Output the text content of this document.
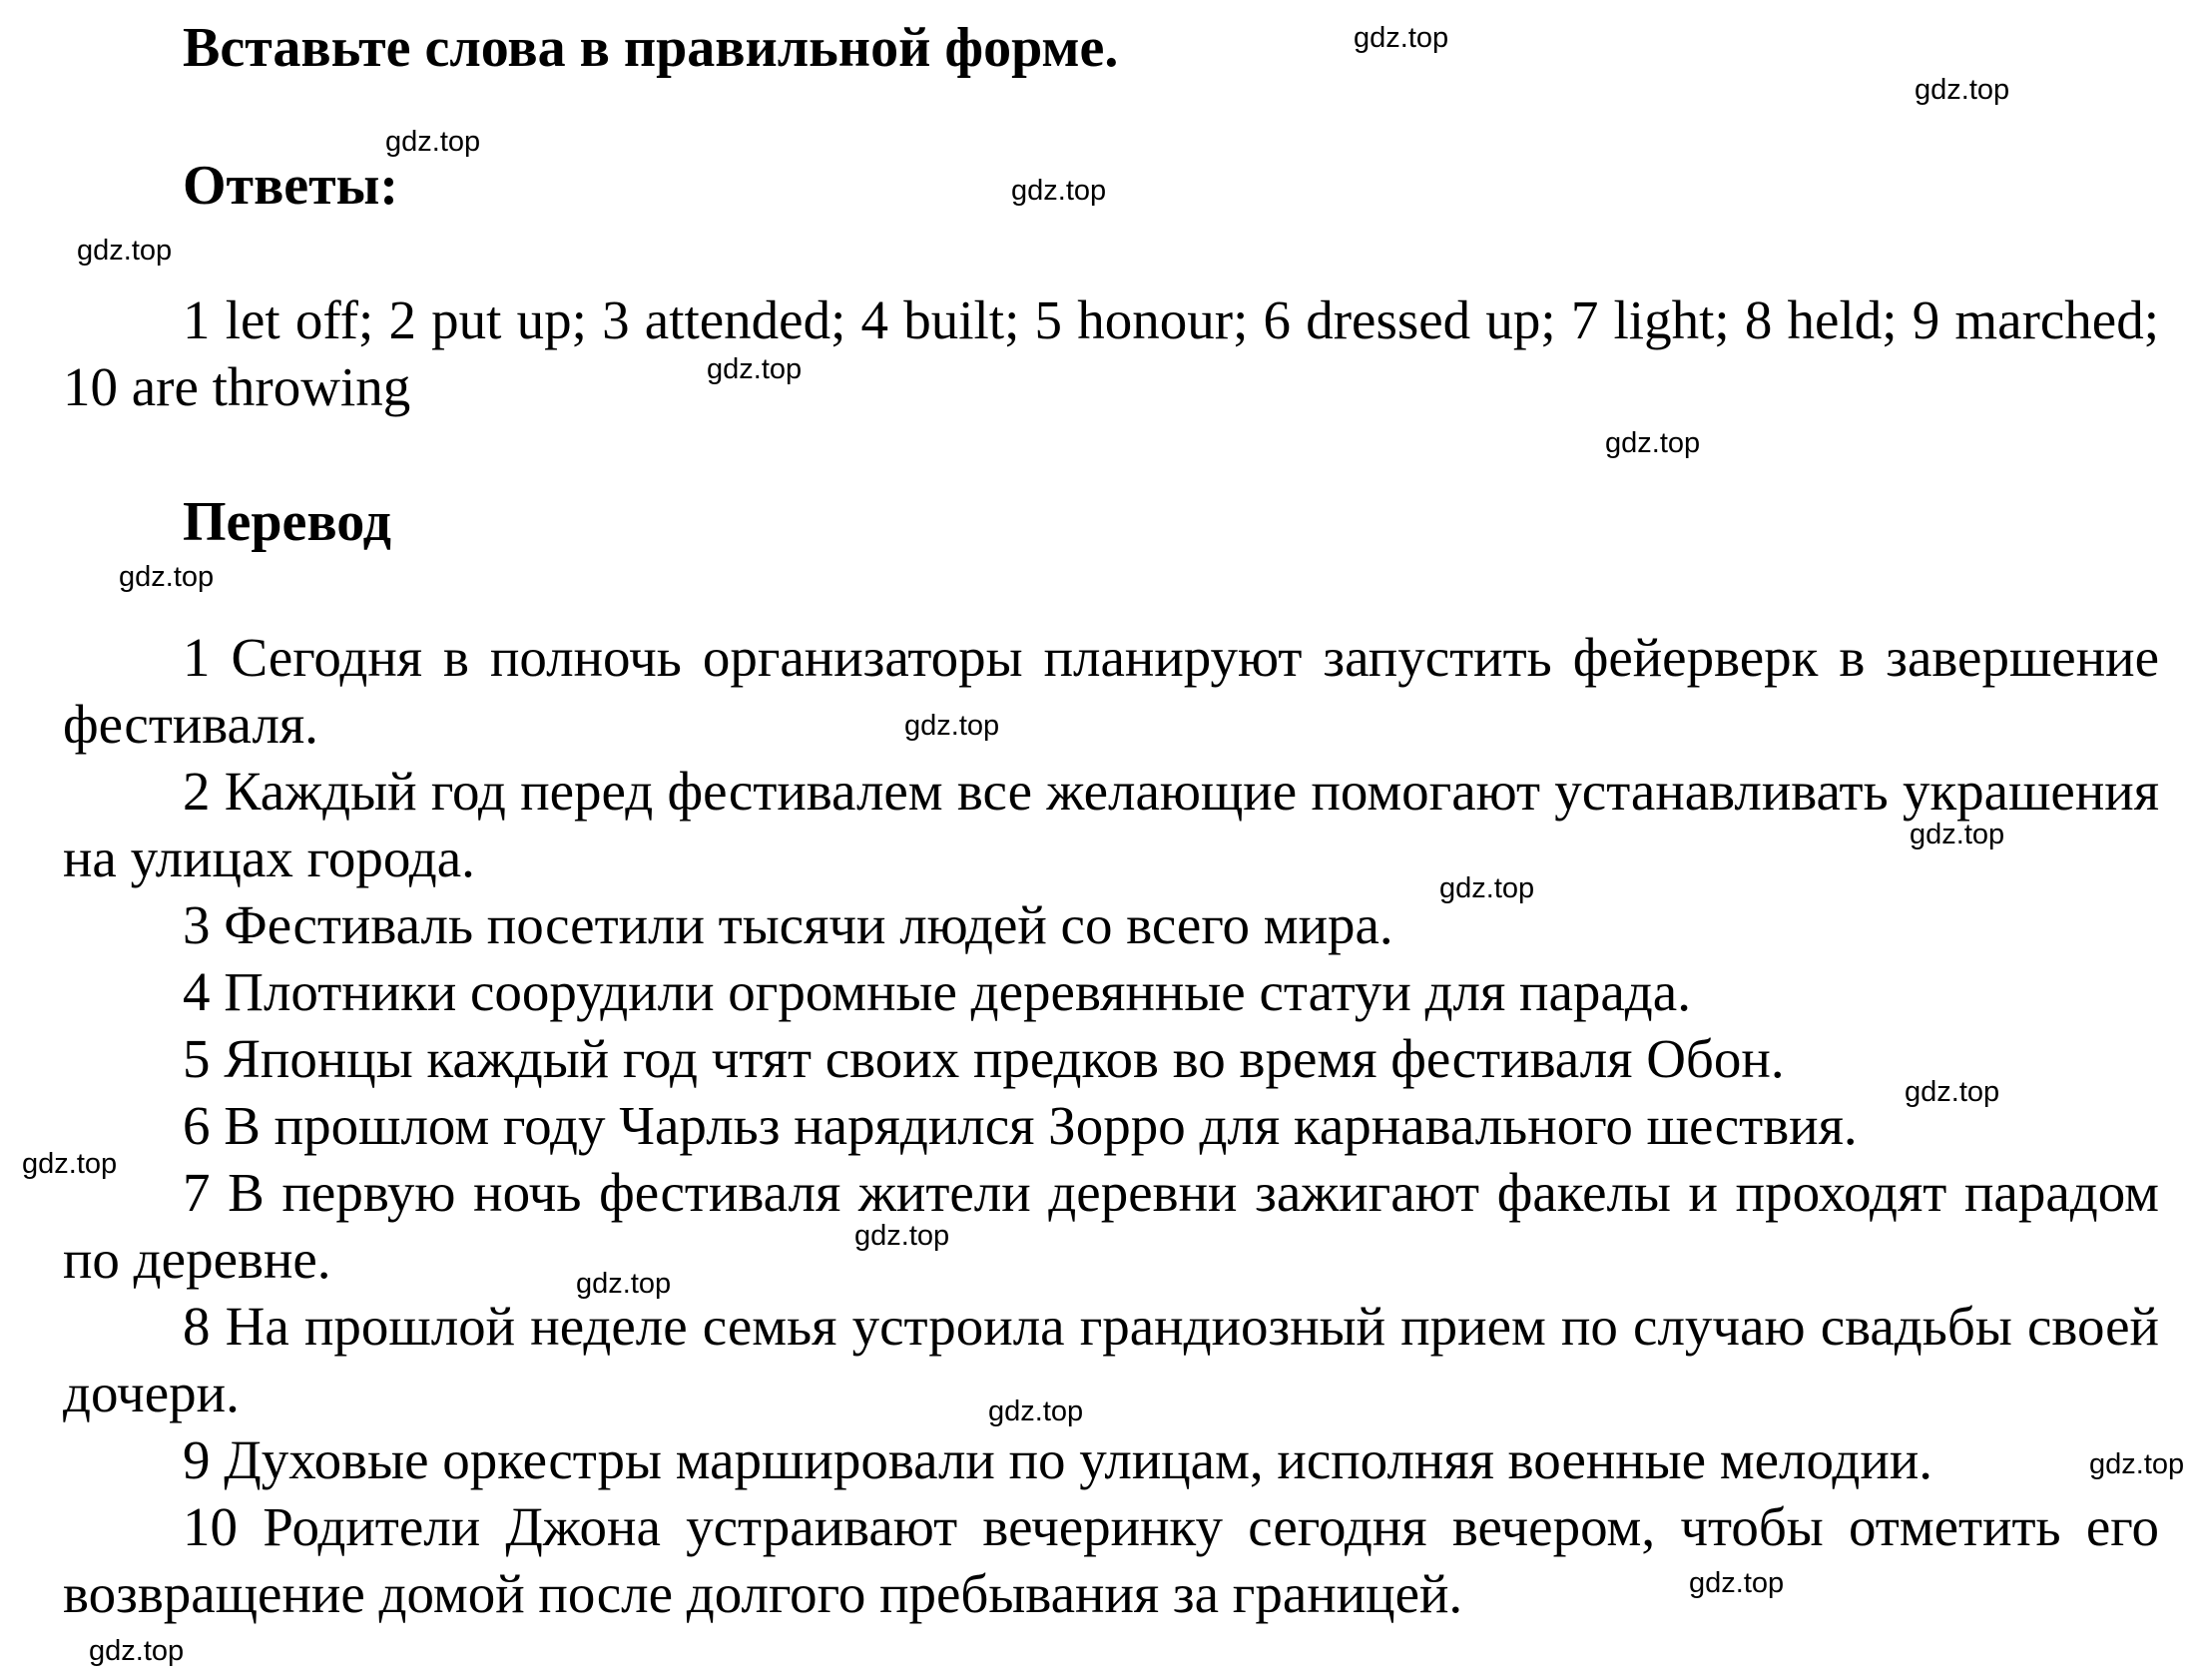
Вставьте слова в правильной форме.
Ответы:

1 let off; 2 put up; 3 attended; 4 built; 5 honour; 6 dressed up; 7 light; 8 held; 9 marched; 10 are throwing

Перевод

1 Сегодня в полночь организаторы планируют запустить фейерверк в завершение фестиваля.

2 Каждый год перед фестивалем все желающие помогают устанавливать украшения на улицах города.

3 Фестиваль посетили тысячи людей со всего мира.

4 Плотники соорудили огромные деревянные статуи для парада.

5 Японцы каждый год чтят своих предков во время фестиваля Обон.

6 В прошлом году Чарльз нарядился Зорро для карнавального шествия.

7 В первую ночь фестиваля жители деревни зажигают факелы и проходят парадом по деревне.

8 На прошлой неделе семья устроила грандиозный прием по случаю свадьбы своей дочери.

9 Духовые оркестры маршировали по улицам, исполняя военные мелодии.

10 Родители Джона устраивают вечеринку сегодня вечером, чтобы отметить его возвращение домой после долгого пребывания за границей.

gdz.top
gdz.top
gdz.top
gdz.top
gdz.top
gdz.top
gdz.top
gdz.top
gdz.top
gdz.top
gdz.top
gdz.top
gdz.top
gdz.top
gdz.top
gdz.top
gdz.top
gdz.top
gdz.top
